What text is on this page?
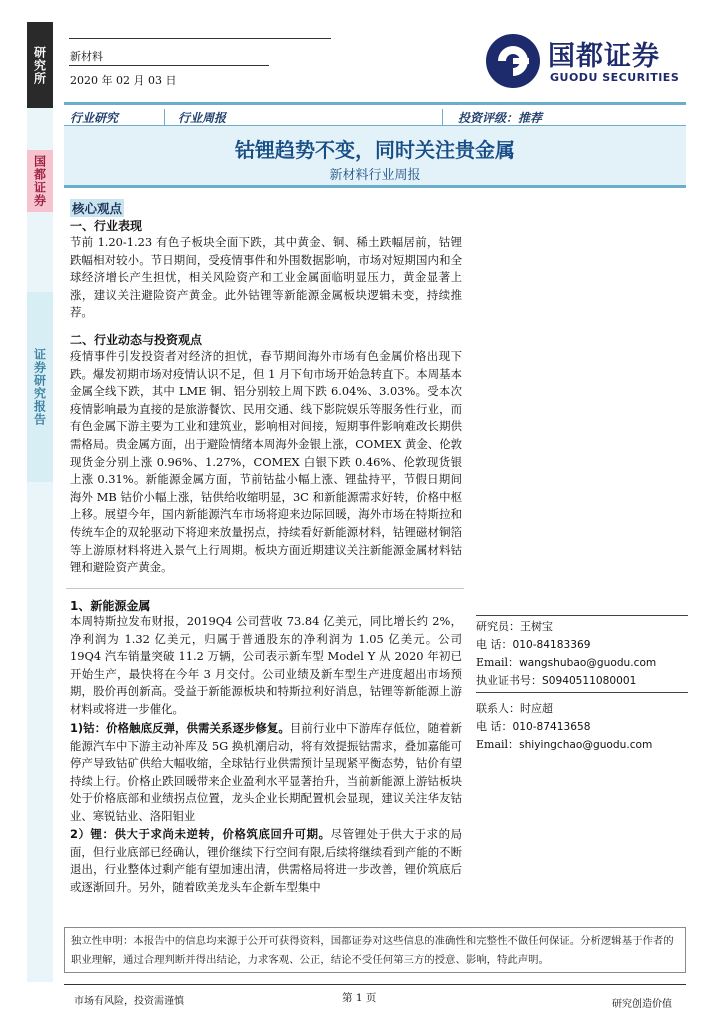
研究所
国都证券
证券研究报告
新材料
2020 年 02 月 03 日
国都证券
GUODU SECURITIES
行业研究	行业周报	投资评级：推荐
钴锂趋势不变，同时关注贵金属
新材料行业周报
核心观点
一、行业表现
节前 1.20-1.23 有色子板块全面下跌，其中黄金、铜、稀土跌幅居前，钴锂跌幅相对较小。节日期间，受疫情事件和外围数据影响，市场对短期国内和全球经济增长产生担忧，相关风险资产和工业金属面临明显压力，黄金显著上涨，建议关注避险资产黄金。此外钴锂等新能源金属板块逻辑未变，持续推荐。
二、行业动态与投资观点
疫情事件引发投资者对经济的担忧，春节期间海外市场有色金属价格出现下跌。爆发初期市场对疫情认识不足，但 1 月下旬市场开始急转直下。本周基本金属全线下跌，其中 LME 铜、铝分别较上周下跌 6.04%、3.03%。受本次疫情影响最为直接的是旅游餐饮、民用交通、线下影院娱乐等服务性行业，而有色金属下游主要为工业和建筑业，影响相对间接，短期事件影响难改长期供需格局。贵金属方面，出于避险情绪本周海外金银上涨，COMEX 黄金、伦敦现货金分别上涨 0.96%、1.27%，COMEX 白银下跌 0.46%、伦敦现货银上涨 0.31%。新能源金属方面，节前钴盐小幅上涨、锂盐持平，节假日期间海外 MB 钴价小幅上涨，钴供给收缩明显，3C 和新能源需求好转，价格中枢上移。展望今年，国内新能源汽车市场将迎来边际回暖，海外市场在特斯拉和传统车企的双轮驱动下将迎来放量拐点，持续看好新能源材料，钴锂磁材铜箔等上游原材料将进入景气上行周期。板块方面近期建议关注新能源金属材料钴锂和避险资产黄金。
1、新能源金属
本周特斯拉发布财报，2019Q4 公司营收 73.84 亿美元，同比增长约 2%，净利润为 1.32 亿美元，归属于普通股东的净利润为 1.05 亿美元。公司 19Q4 汽车销量突破 11.2 万辆，公司表示新车型 Model Y 从 2020 年初已开始生产，最快将在今年 3 月交付。公司业绩及新车型生产进度超出市场预期，股价再创新高。受益于新能源板块和特斯拉利好消息，钴锂等新能源上游材料或将进一步催化。
1)钴：价格触底反弹，供需关系逐步修复。目前行业中下游库存低位，随着新能源汽车中下游主动补库及 5G 换机潮启动，将有效提振钴需求，叠加嘉能可停产导致钴矿供给大幅收缩，全球钴行业供需预计呈现紧平衡态势，钴价有望持续上行。价格止跌回暖带来企业盈利水平显著抬升，当前新能源上游钴板块处于价格底部和业绩拐点位置，龙头企业长期配置机会显现，建议关注华友钴业、寒锐钴业、洛阳钼业
2）锂：供大于求尚未逆转，价格筑底回升可期。尽管锂处于供大于求的局面，但行业底部已经确认，锂价继续下行空间有限,后续将继续看到产能的不断退出，行业整体过剩产能有望加速出清，供需格局将进一步改善，锂价筑底后或逐渐回升。另外，随着欧美龙头车企新车型集中
研究员：王树宝
电 话：010-84183369
Email：wangshubao@guodu.com
执业证书号：S0940511080001
联系人：时应超
电 话：010-87413658
Email：shiyingchao@guodu.com
独立性申明：本报告中的信息均来源于公开可获得资料，国都证券对这些信息的准确性和完整性不做任何保证。分析逻辑基于作者的职业理解，通过合理判断并得出结论，力求客观、公正，结论不受任何第三方的授意、影响，特此声明。
市场有风险，投资需谨慎	第 1 页
研究创造价值
